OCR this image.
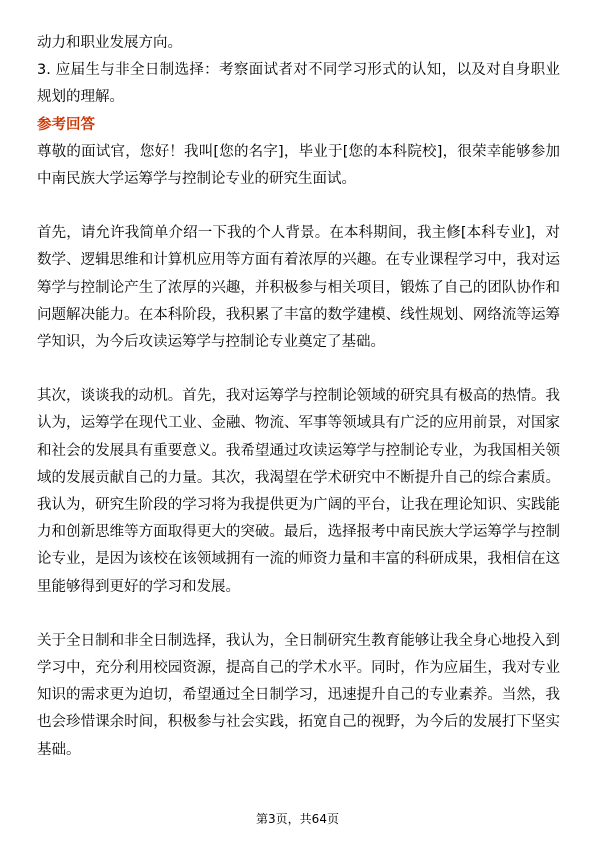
动力和职业发展方向。

3. 应届生与非全日制选择：考察面试者对不同学习形式的认知，以及对自身职业规划的理解。

参考回答

尊敬的面试官，您好！我叫[您的名字]，毕业于[您的本科院校]，很荣幸能够参加中南民族大学运筹学与控制论专业的研究生面试。

首先，请允许我简单介绍一下我的个人背景。在本科期间，我主修[本科专业]，对数学、逻辑思维和计算机应用等方面有着浓厚的兴趣。在专业课程学习中，我对运筹学与控制论产生了浓厚的兴趣，并积极参与相关项目，锻炼了自己的团队协作和问题解决能力。在本科阶段，我积累了丰富的数学建模、线性规划、网络流等运筹学知识，为今后攻读运筹学与控制论专业奠定了基础。

其次，谈谈我的动机。首先，我对运筹学与控制论领域的研究具有极高的热情。我认为，运筹学在现代工业、金融、物流、军事等领域具有广泛的应用前景，对国家和社会的发展具有重要意义。我希望通过攻读运筹学与控制论专业，为我国相关领域的发展贡献自己的力量。其次，我渴望在学术研究中不断提升自己的综合素质。我认为，研究生阶段的学习将为我提供更为广阔的平台，让我在理论知识、实践能力和创新思维等方面取得更大的突破。最后，选择报考中南民族大学运筹学与控制论专业，是因为该校在该领域拥有一流的师资力量和丰富的科研成果，我相信在这里能够得到更好的学习和发展。

关于全日制和非全日制选择，我认为，全日制研究生教育能够让我全身心地投入到学习中，充分利用校园资源，提高自己的学术水平。同时，作为应届生，我对专业知识的需求更为迫切，希望通过全日制学习，迅速提升自己的专业素养。当然，我也会珍惜课余时间，积极参与社会实践，拓宽自己的视野，为今后的发展打下坚实基础。

第3页，共64页
